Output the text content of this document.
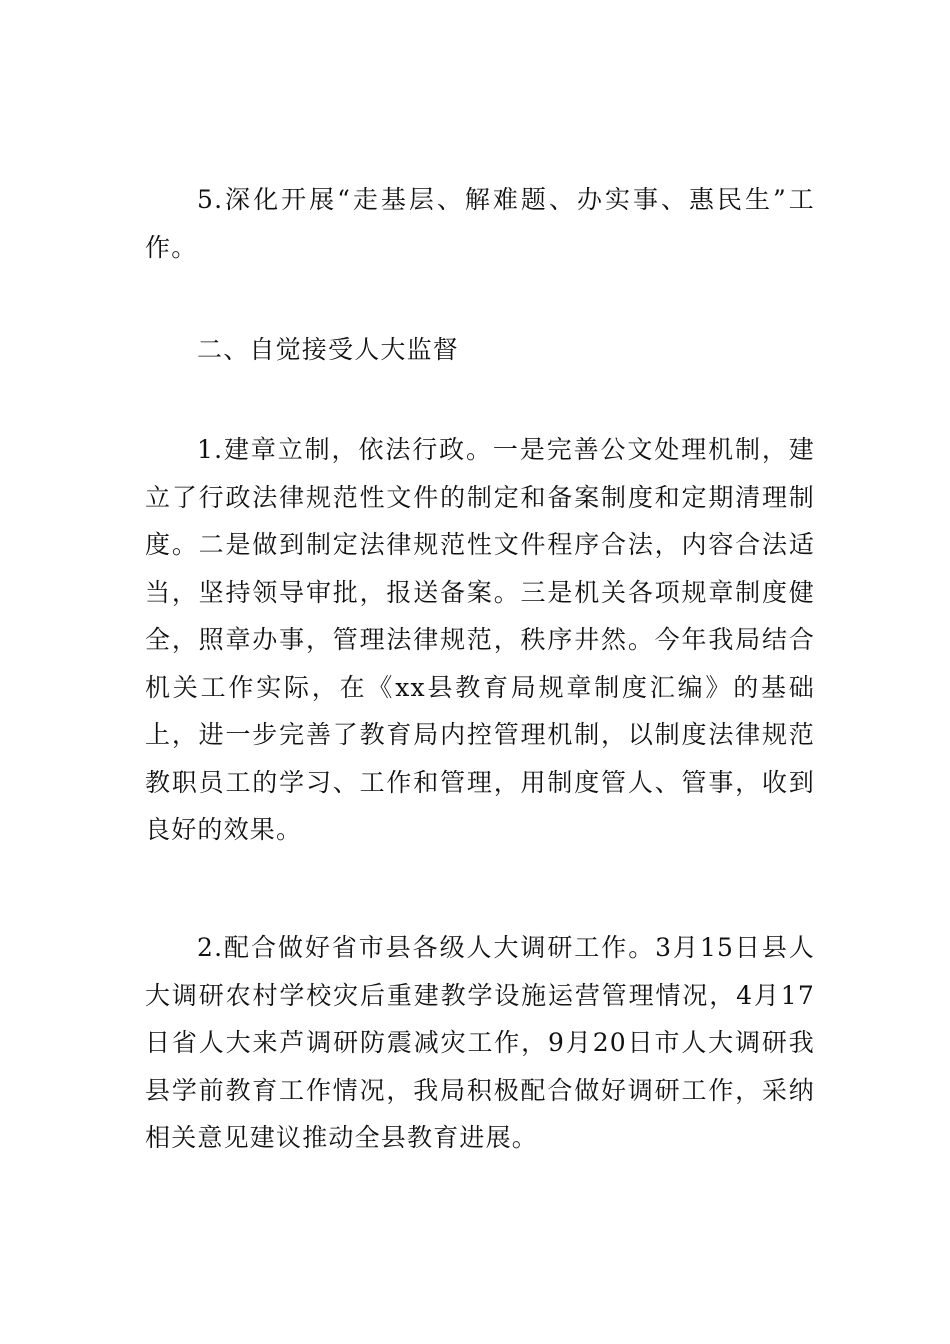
5.深化开展“走基层、解难题、办实事、惠民生”工作。

二、自觉接受人大监督

1.建章立制，依法行政。一是完善公文处理机制，建立了行政法律规范性文件的制定和备案制度和定期清理制度。二是做到制定法律规范性文件程序合法，内容合法适当，坚持领导审批，报送备案。三是机关各项规章制度健全，照章办事，管理法律规范，秩序井然。今年我局结合机关工作实际，在《xx县教育局规章制度汇编》的基础上，进一步完善了教育局内控管理机制，以制度法律规范教职员工的学习、工作和管理，用制度管人、管事，收到良好的效果。

2.配合做好省市县各级人大调研工作。3月15日县人大调研农村学校灾后重建教学设施运营管理情况，4月17日省人大来芦调研防震减灾工作，9月20日市人大调研我县学前教育工作情况，我局积极配合做好调研工作，采纳相关意见建议推动全县教育进展。
